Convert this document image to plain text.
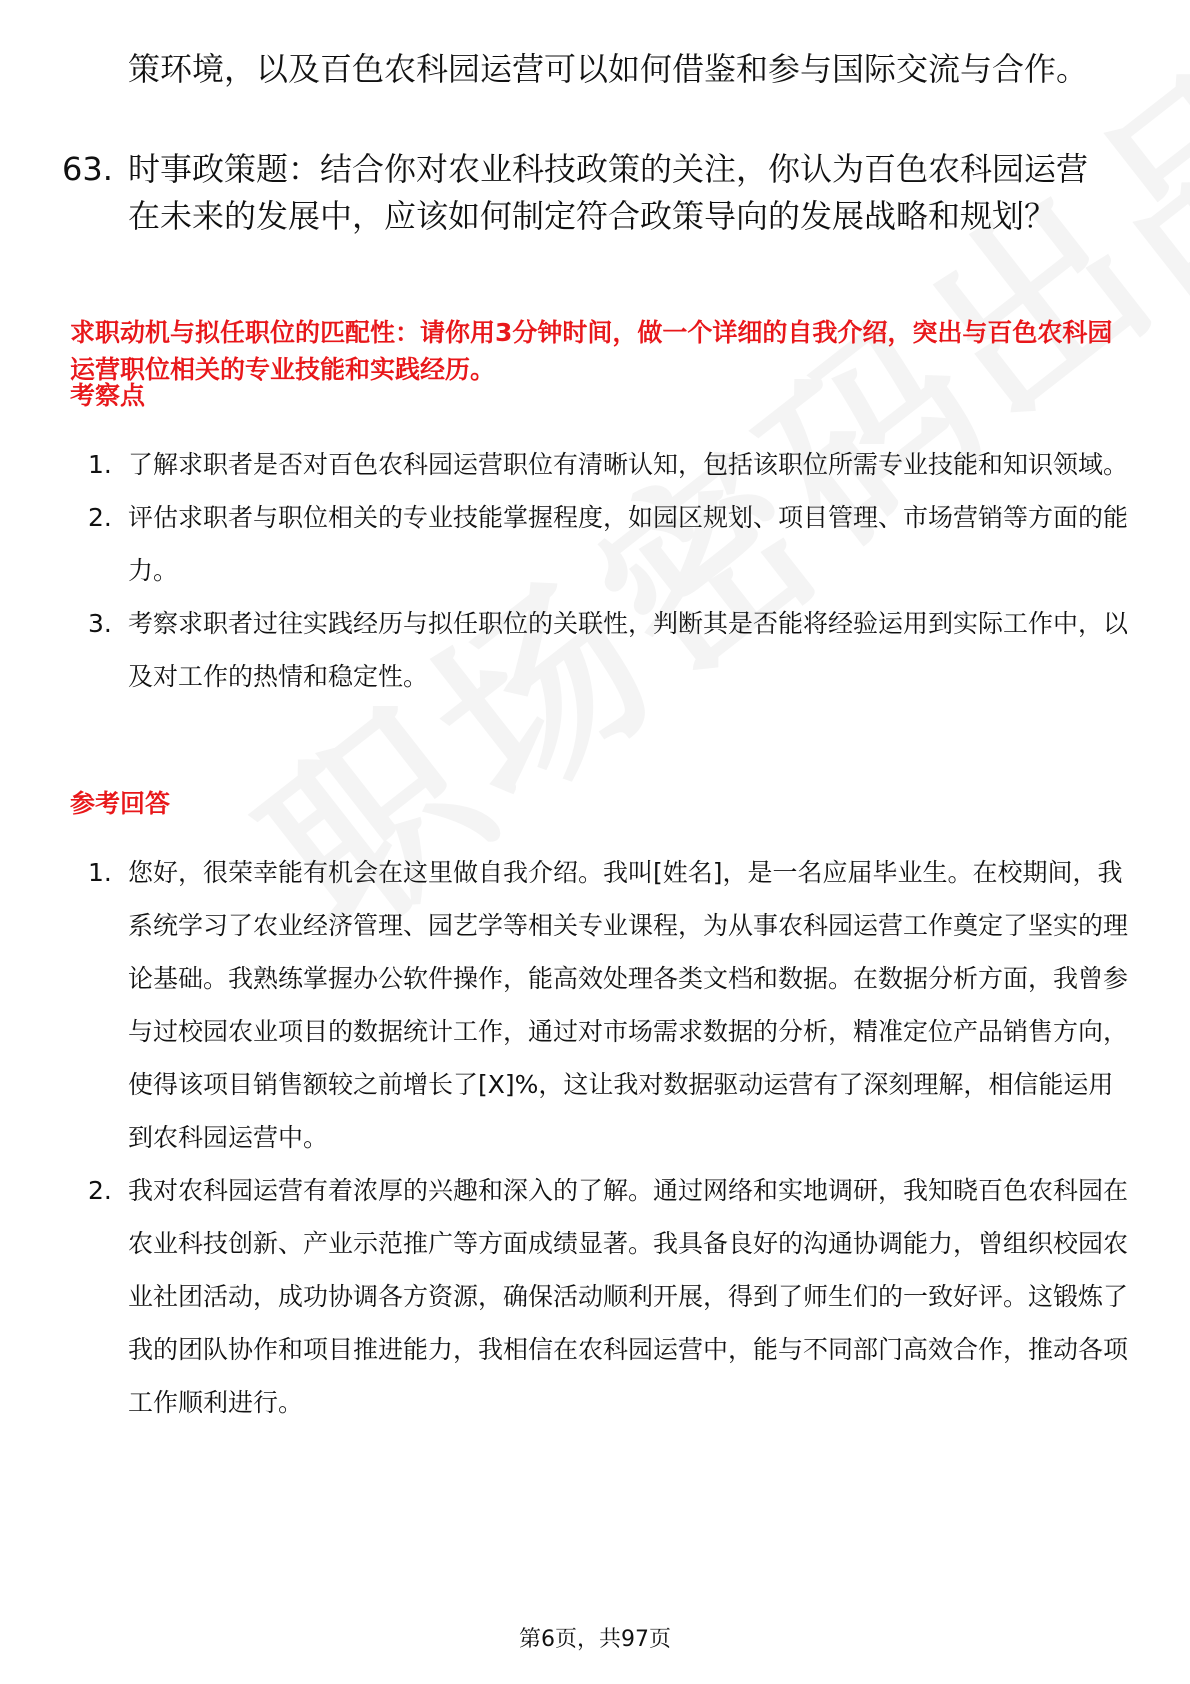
策环境，以及百色农科园运营可以如何借鉴和参与国际交流与合作。
63. 时事政策题：结合你对农业科技政策的关注，你认为百色农科园运营在未来的发展中，应该如何制定符合政策导向的发展战略和规划？
求职动机与拟任职位的匹配性：请你用3分钟时间，做一个详细的自我介绍，突出与百色农科园运营职位相关的专业技能和实践经历。
考察点
1. 了解求职者是否对百色农科园运营职位有清晰认知，包括该职位所需专业技能和知识领域。
2. 评估求职者与职位相关的专业技能掌握程度，如园区规划、项目管理、市场营销等方面的能力。
3. 考察求职者过往实践经历与拟任职位的关联性，判断其是否能将经验运用到实际工作中，以及对工作的热情和稳定性。
参考回答
1. 您好，很荣幸能有机会在这里做自我介绍。我叫[姓名]，是一名应届毕业生。在校期间，我系统学习了农业经济管理、园艺学等相关专业课程，为从事农科园运营工作奠定了坚实的理论基础。我熟练掌握办公软件操作，能高效处理各类文档和数据。在数据分析方面，我曾参与过校园农业项目的数据统计工作，通过对市场需求数据的分析，精准定位产品销售方向，使得该项目销售额较之前增长了[X]%，这让我对数据驱动运营有了深刻理解，相信能运用到农科园运营中。
2. 我对农科园运营有着浓厚的兴趣和深入的了解。通过网络和实地调研，我知晓百色农科园在农业科技创新、产业示范推广等方面成绩显著。我具备良好的沟通协调能力，曾组织校园农业社团活动，成功协调各方资源，确保活动顺利开展，得到了师生们的一致好评。这锻炼了我的团队协作和项目推进能力，我相信在农科园运营中，能与不同部门高效合作，推动各项工作顺利进行。
第6页，共97页
